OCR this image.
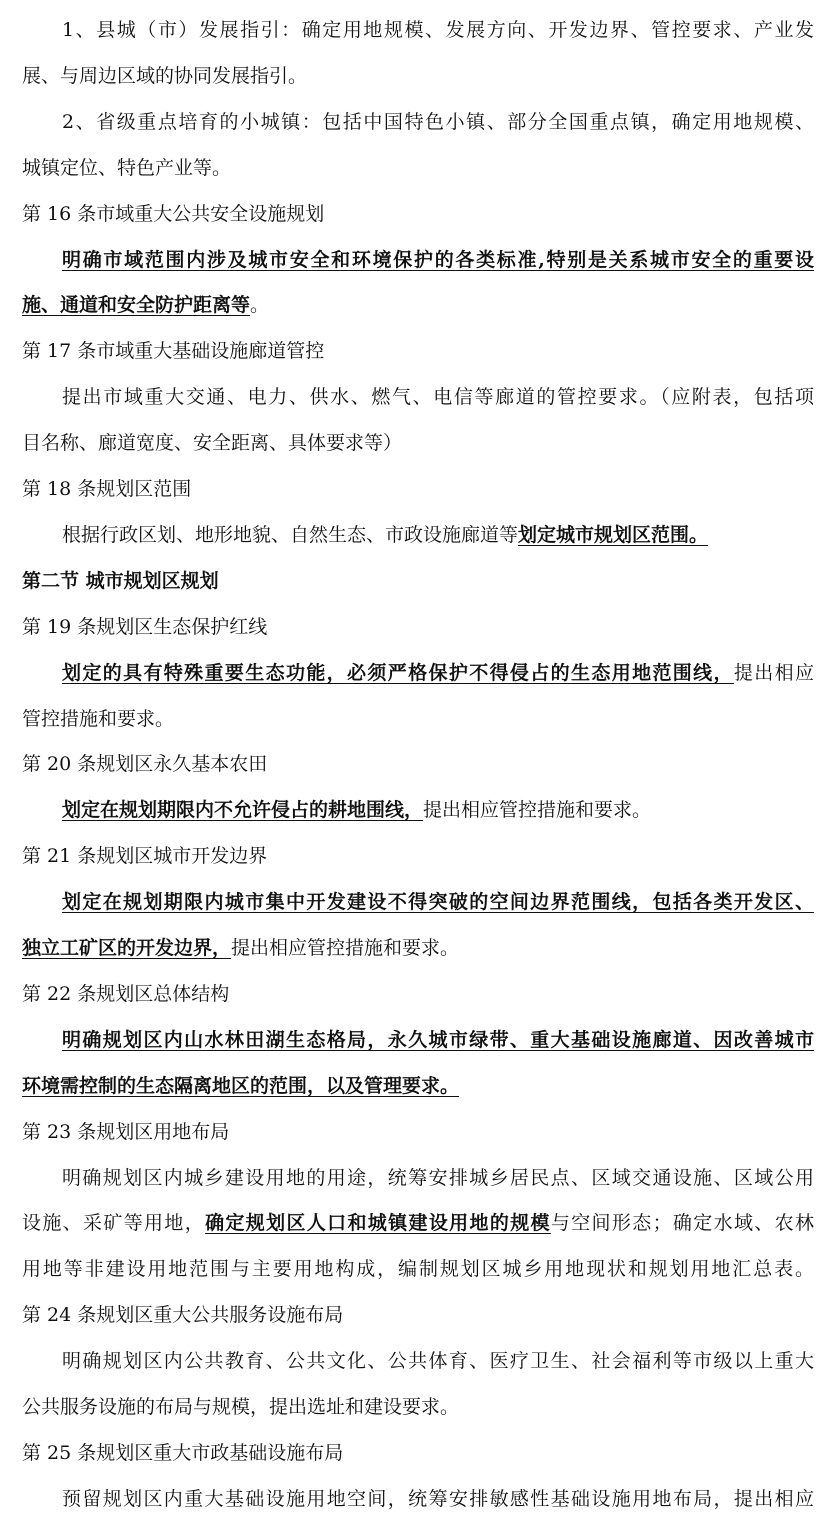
1、县城（市）发展指引：确定用地规模、发展方向、开发边界、管控要求、产业发
展、与周边区域的协同发展指引。
2、省级重点培育的小城镇：包括中国特色小镇、部分全国重点镇，确定用地规模、
城镇定位、特色产业等。
第 16 条市域重大公共安全设施规划
明确市域范围内涉及城市安全和环境保护的各类标准,特别是关系城市安全的重要设
施、通道和安全防护距离等。
第 17 条市域重大基础设施廊道管控
提出市域重大交通、电力、供水、燃气、电信等廊道的管控要求。（应附表，包括项
目名称、廊道宽度、安全距离、具体要求等）
第 18 条规划区范围
根据行政区划、地形地貌、自然生态、市政设施廊道等划定城市规划区范围。
第二节 城市规划区规划
第 19 条规划区生态保护红线
划定的具有特殊重要生态功能，必须严格保护不得侵占的生态用地范围线，提出相应
管控措施和要求。
第 20 条规划区永久基本农田
划定在规划期限内不允许侵占的耕地围线，提出相应管控措施和要求。
第 21 条规划区城市开发边界
划定在规划期限内城市集中开发建设不得突破的空间边界范围线，包括各类开发区、
独立工矿区的开发边界，提出相应管控措施和要求。
第 22 条规划区总体结构
明确规划区内山水林田湖生态格局，永久城市绿带、重大基础设施廊道、因改善城市
环境需控制的生态隔离地区的范围，以及管理要求。
第 23 条规划区用地布局
明确规划区内城乡建设用地的用途，统筹安排城乡居民点、区域交通设施、区域公用
设施、采矿等用地，确定规划区人口和城镇建设用地的规模与空间形态；确定水域、农林
用地等非建设用地范围与主要用地构成，编制规划区城乡用地现状和规划用地汇总表。
第 24 条规划区重大公共服务设施布局
明确规划区内公共教育、公共文化、公共体育、医疗卫生、社会福利等市级以上重大
公共服务设施的布局与规模，提出选址和建设要求。
第 25 条规划区重大市政基础设施布局
预留规划区内重大基础设施用地空间，统筹安排敏感性基础设施用地布局，提出相应
